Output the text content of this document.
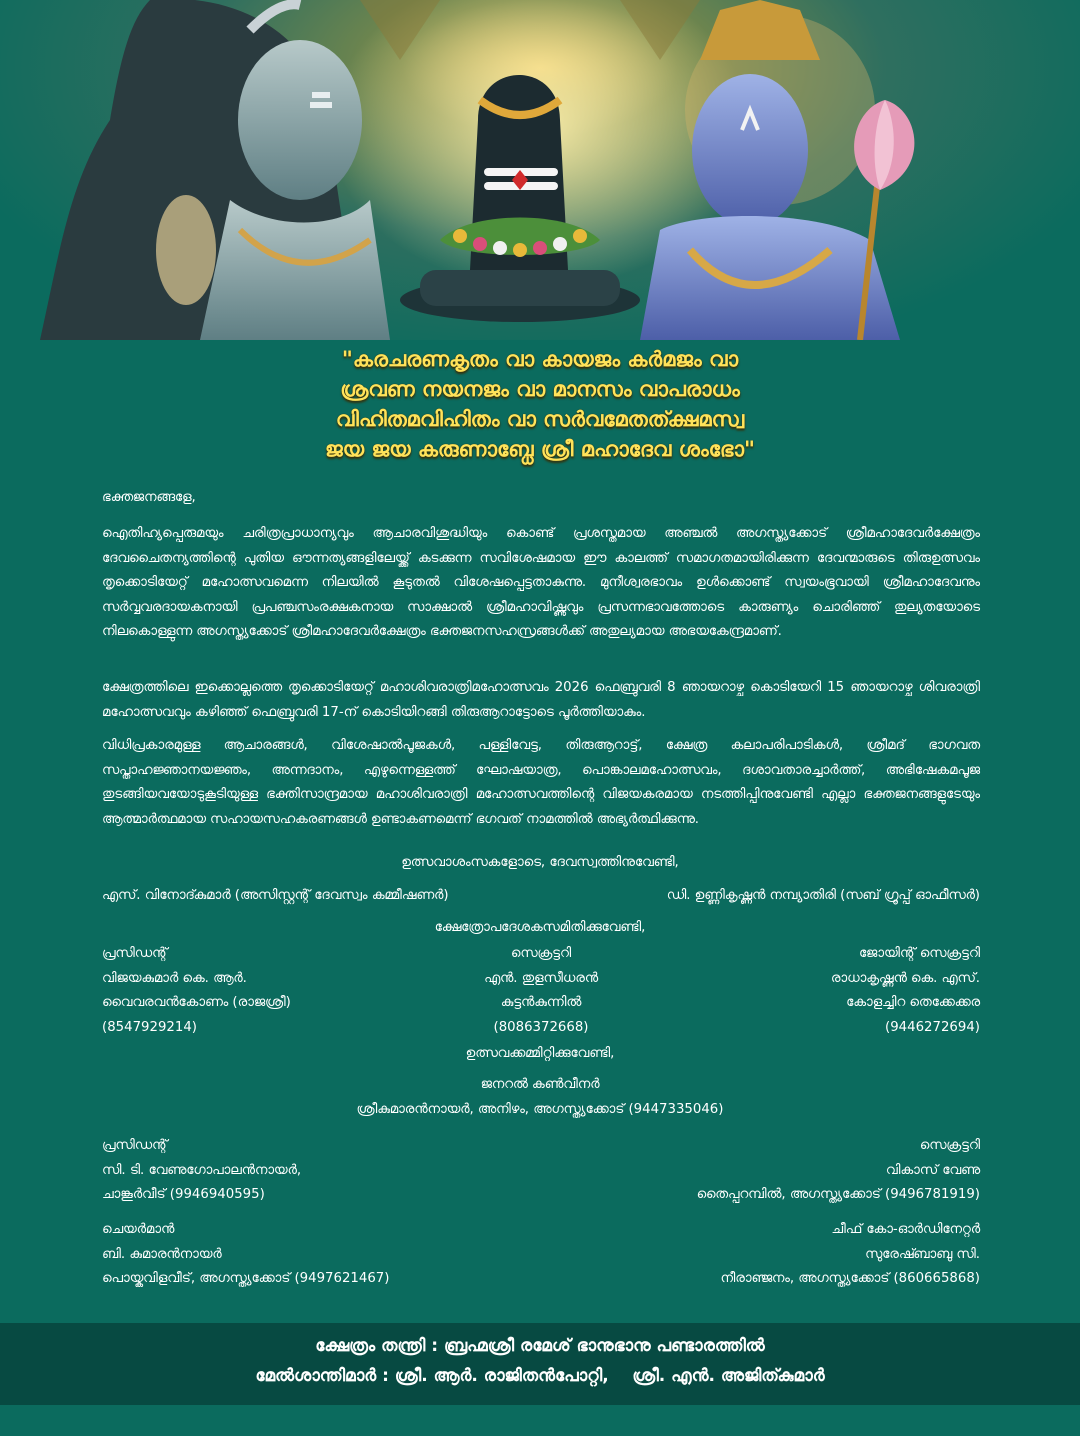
"കരചരണകൃതം വാ കായജം കർമജം വാ
ശ്രവണ നയനജം വാ മാനസം വാപരാധം
വിഹിതമവിഹിതം വാ സർവമേതത്ക്ഷമസ്വ
ജയ ജയ കരുണാബ്ധേ ശ്രീ മഹാദേവ ശംഭോ"
ഭക്തജനങ്ങളേ,
ഐതിഹ്യപ്പെരുമയും ചരിത്രപ്രാധാന്യവും ആചാരവിശുദ്ധിയും കൊണ്ട് പ്രശസ്തമായ അഞ്ചൽ അഗസ്ത്യക്കോട് ശ്രീമഹാദേവർക്ഷേത്രം ദേവചൈതന്യത്തിന്റെ പുതിയ ഔന്നത്യങ്ങളിലേയ്ക്ക് കടക്കുന്ന സവിശേഷമായ ഈ കാലത്ത് സമാഗതമായിരിക്കുന്ന ദേവന്മാരുടെ തിരുഉത്സവം തൃക്കൊടിയേറ്റ് മഹോത്സവമെന്ന നിലയിൽ കൂടുതൽ വിശേഷപ്പെട്ടതാകുന്നു. മുനീശ്വരഭാവം ഉൾക്കൊണ്ട് സ്വയംഭൂവായി ശ്രീമഹാദേവനും സർവ്വവരദായകനായി പ്രപഞ്ചസംരക്ഷകനായ സാക്ഷാൽ ശ്രീമഹാവിഷ്ണുവും പ്രസന്നഭാവത്തോടെ കാരുണ്യം ചൊരിഞ്ഞ് തുല്യതയോടെ നിലകൊള്ളുന്ന അഗസ്ത്യക്കോട് ശ്രീമഹാദേവർക്ഷേത്രം ഭക്തജനസഹസ്രങ്ങൾക്ക് അതുല്യമായ അഭയകേന്ദ്രമാണ്.
ക്ഷേത്രത്തിലെ ഇക്കൊല്ലത്തെ തൃക്കൊടിയേറ്റ് മഹാശിവരാത്രിമഹോത്സവം 2026 ഫെബ്രുവരി 8 ഞായറാഴ്ച കൊടിയേറി 15 ഞായറാഴ്ച ശിവരാത്രി മഹോത്സവവും കഴിഞ്ഞ് ഫെബ്രുവരി 17-ന് കൊടിയിറങ്ങി തിരുആറാട്ടോടെ പൂർത്തിയാകും.
വിധിപ്രകാരമുള്ള ആചാരങ്ങൾ, വിശേഷാൽപൂജകൾ, പള്ളിവേട്ട, തിരുആറാട്ട്, ക്ഷേത്ര കലാപരിപാടികൾ, ശ്രീമദ് ഭാഗവത സപ്താഹജ്ഞാനയജ്ഞം, അന്നദാനം, എഴുന്നെള്ളത്ത് ഘോഷയാത്ര, പൊങ്കാലമഹോത്സവം, ദശാവതാരച്ചാർത്ത്, അഭിഷേകമപൂജ തുടങ്ങിയവയോടുകൂടിയുള്ള ഭക്തിസാന്ദ്രമായ മഹാശിവരാത്രി മഹോത്സവത്തിന്റെ വിജയകരമായ നടത്തിപ്പിനുവേണ്ടി എല്ലാ ഭക്തജനങ്ങളുടേയും ആത്മാർത്ഥമായ സഹായസഹകരണങ്ങൾ ഉണ്ടാകണമെന്ന് ഭഗവത് നാമത്തിൽ അഭ്യർത്ഥിക്കുന്നു.
ഉത്സവാശംസകളോടെ, ദേവസ്വത്തിനുവേണ്ടി,
എസ്. വിനോദ്കുമാർ (അസിസ്റ്റന്റ് ദേവസ്വം കമ്മീഷണർ)	ഡി. ഉണ്ണികൃഷ്ണൻ നമ്പ്യാതിരി (സബ് ഗ്രൂപ്പ് ഓഫീസർ)
ക്ഷേത്രോപദേശകസമിതിക്കുവേണ്ടി,
പ്രസിഡന്റ്
വിജയകുമാർ കെ. ആർ.
വൈവരവൻകോണം (രാജശ്രീ)
(8547929214)
സെക്രട്ടറി
എൻ. തുളസീധരൻ
കുട്ടൻകുന്നിൽ
(8086372668)
ജോയിന്റ് സെക്രട്ടറി
രാധാകൃഷ്ണൻ കെ. എസ്.
കോളച്ചിറ തെക്കേക്കര
(9446272694)
ഉത്സവക്കമ്മിറ്റിക്കുവേണ്ടി,
ജനറൽ കൺവീനർ
ശ്രീകുമാരൻനായർ, അനിഴം, അഗസ്ത്യക്കോട് (9447335046)
പ്രസിഡന്റ്
സി. ടി. വേണുഗോപാലൻനായർ,
ചാങ്കൂർവീട് (9946940595)
സെക്രട്ടറി
വികാസ് വേണു
തൈപ്പറമ്പിൽ, അഗസ്ത്യക്കോട് (9496781919)
ചെയർമാൻ
ബി. കുമാരൻനായർ
പൊയ്കവിളവീട്, അഗസ്ത്യക്കോട് (9497621467)
ചീഫ് കോ-ഓർഡിനേറ്റർ
സുരേഷ്ബാബു സി.
നീരാഞ്ജനം, അഗസ്ത്യക്കോട് (860665868)
ക്ഷേത്രം തന്ത്രി : ബ്രഹ്മശ്രീ രമേശ് ഭാനുഭാനു പണ്ടാരത്തിൽ
മേൽശാന്തിമാർ : ശ്രീ. ആർ. രാജിതൻപോറ്റി,    ശ്രീ. എൻ. അജിത്കുമാർ
